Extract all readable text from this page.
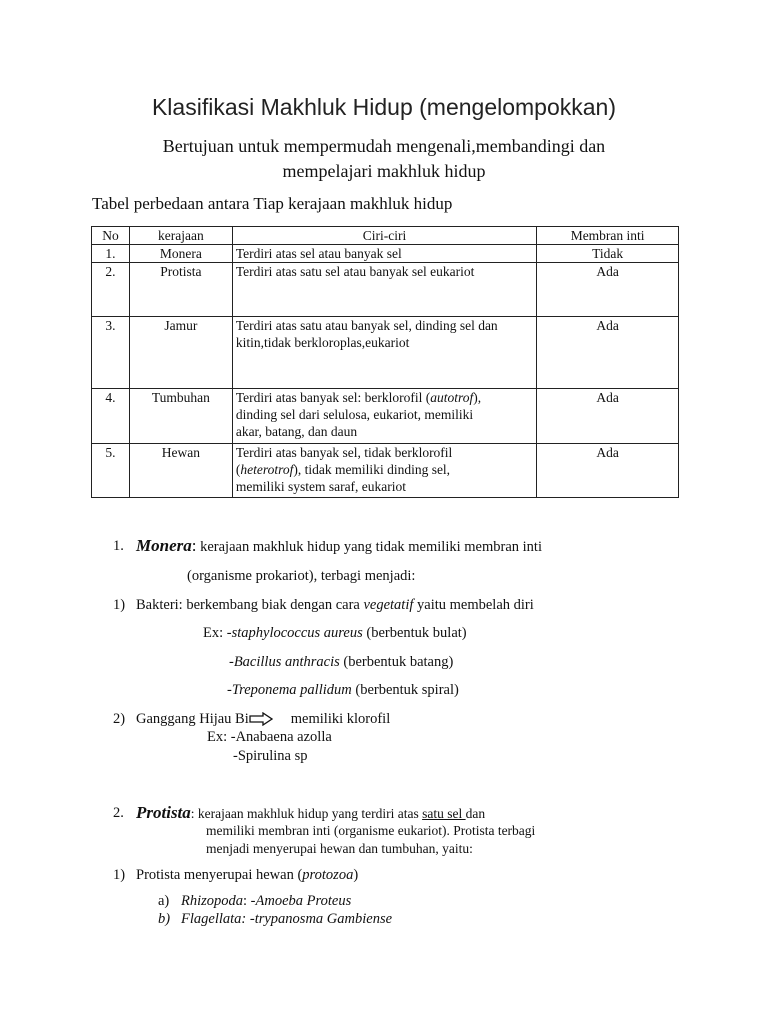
Klasifikasi Makhluk Hidup (mengelompokkan)
Bertujuan untuk mempermudah mengenali,membandingi dan
mempelajari makhluk hidup
Tabel perbedaan antara Tiap kerajaan makhluk hidup
No	kerajaan	Ciri-ciri	Membran inti
1.	Monera	Terdiri atas sel atau banyak sel	Tidak
2.	Protista	Terdiri atas satu sel atau banyak sel eukariot	Ada
3.	Jamur	Terdiri atas satu atau banyak sel, dinding sel dan
kitin,tidak berkloroplas,eukariot	Ada
4.	Tumbuhan	Terdiri atas banyak sel: berklorofil (autotrof),
dinding sel dari selulosa, eukariot, memiliki
akar, batang, dan daun	Ada
5.	Hewan	Terdiri atas banyak sel, tidak berklorofil
(heterotrof), tidak memiliki dinding sel,
memiliki system saraf, eukariot	Ada
1. Monera: kerajaan makhluk hidup yang tidak memiliki membran inti
(organisme prokariot), terbagi menjadi:
1) Bakteri: berkembang biak dengan cara vegetatif yaitu membelah diri
Ex: -staphylococcus aureus (berbentuk bulat)
-Bacillus anthracis (berbentuk batang)
-Treponema pallidum (berbentuk spiral)
2) Ganggang Hijau Bi	memiliki klorofil
Ex: -Anabaena azolla
-Spirulina sp
2. Protista: kerajaan makhluk hidup yang terdiri atas satu sel dan
memiliki membran inti (organisme eukariot). Protista terbagi
menjadi menyerupai hewan dan tumbuhan, yaitu:
1) Protista menyerupai hewan (protozoa)
a) Rhizopoda: -Amoeba Proteus
b) Flagellata: -trypanosma Gambiense
